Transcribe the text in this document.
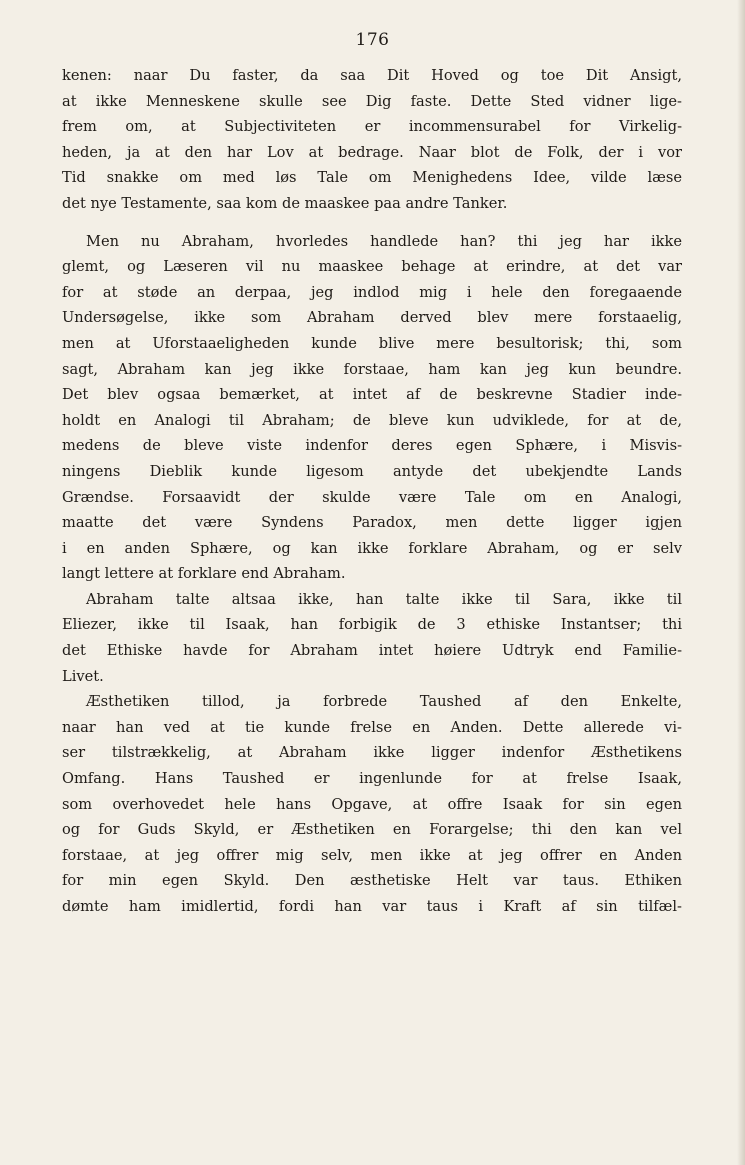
176
kenen: naar Du faster, da saa Dit Hoved og toe Dit Ansigt,
at ikke Menneskene skulle see Dig faste. Dette Sted vidner lige-
frem om, at Subjectiviteten er incommensurabel for Virkelig-
heden, ja at den har Lov at bedrage. Naar blot de Folk, der i vor
Tid snakke om med løs Tale om Menighedens Idee, vilde læse
det nye Testamente, saa kom de maaskee paa andre Tanker.
Men nu Abraham, hvorledes handlede han? thi jeg har ikke
glemt, og Læseren vil nu maaskee behage at erindre, at det var
for at støde an derpaa, jeg indlod mig i hele den foregaaende
Undersøgelse, ikke som Abraham derved blev mere forstaaelig,
men at Uforstaaeligheden kunde blive mere besultorisk; thi, som
sagt, Abraham kan jeg ikke forstaae, ham kan jeg kun beundre.
Det blev ogsaa bemærket, at intet af de beskrevne Stadier inde-
holdt en Analogi til Abraham; de bleve kun udviklede, for at de,
medens de bleve viste indenfor deres egen Sphære, i Misvis-
ningens Dieblik kunde ligesom antyde det ubekjendte Lands
Grændse. Forsaavidt der skulde være Tale om en Analogi,
maatte det være Syndens Paradox, men dette ligger igjen
i en anden Sphære, og kan ikke forklare Abraham, og er selv
langt lettere at forklare end Abraham.
Abraham talte altsaa ikke, han talte ikke til Sara, ikke til
Eliezer, ikke til Isaak, han forbigik de 3 ethiske Instantser; thi
det Ethiske havde for Abraham intet høiere Udtryk end Familie-
Livet.
Æsthetiken tillod, ja forbrede Taushed af den Enkelte,
naar han ved at tie kunde frelse en Anden. Dette allerede vi-
ser tilstrækkelig, at Abraham ikke ligger indenfor Æsthetikens
Omfang. Hans Taushed er ingenlunde for at frelse Isaak,
som overhovedet hele hans Opgave, at offre Isaak for sin egen
og for Guds Skyld, er Æsthetiken en Forargelse; thi den kan vel
forstaae, at jeg offrer mig selv, men ikke at jeg offrer en Anden
for min egen Skyld. Den æsthetiske Helt var taus. Ethiken
dømte ham imidlertid, fordi han var taus i Kraft af sin tilfæl-
